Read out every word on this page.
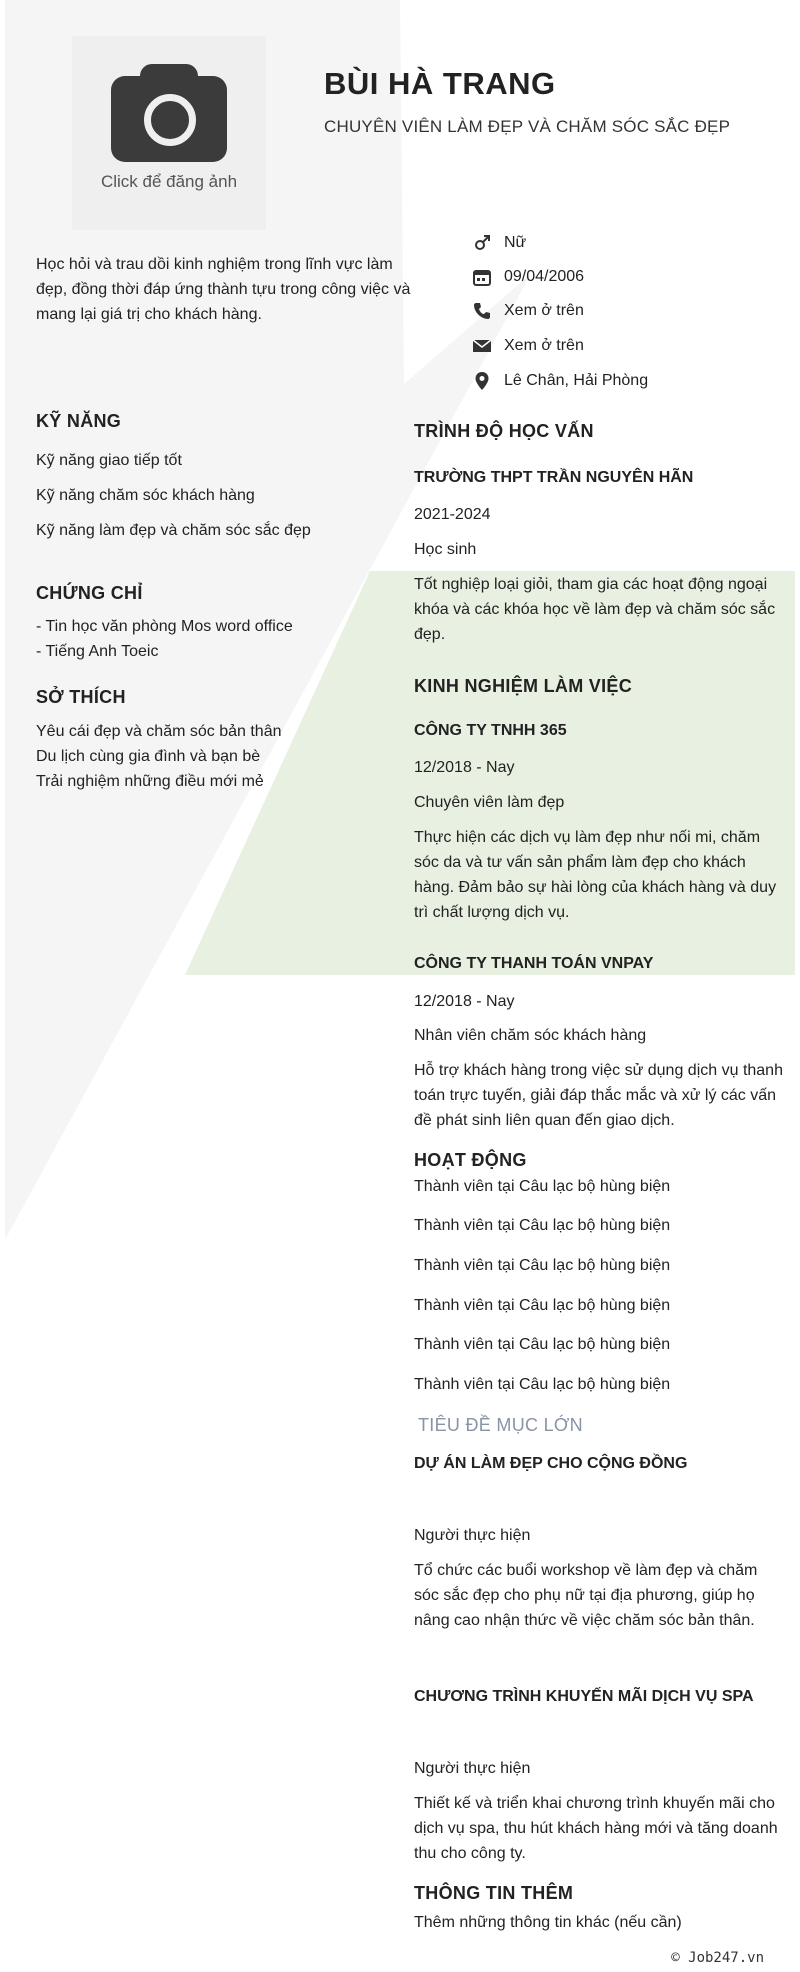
Click để đăng ảnh
BÙI HÀ TRANG
CHUYÊN VIÊN LÀM ĐẸP VÀ CHĂM SÓC SẮC ĐẸP
Học hỏi và trau dồi kinh nghiệm trong lĩnh vực làm đẹp, đồng thời đáp ứng thành tựu trong công việc và mang lại giá trị cho khách hàng.
Nữ
09/04/2006
Xem ở trên
Xem ở trên
Lê Chân, Hải Phòng
KỸ NĂNG
Kỹ năng giao tiếp tốt
Kỹ năng chăm sóc khách hàng
Kỹ năng làm đẹp và chăm sóc sắc đẹp
CHỨNG CHỈ
- Tin học văn phòng Mos word office
- Tiếng Anh Toeic
SỞ THÍCH
Yêu cái đẹp và chăm sóc bản thân
Du lịch cùng gia đình và bạn bè
Trải nghiệm những điều mới mẻ
TRÌNH ĐỘ HỌC VẤN
TRƯỜNG THPT TRẦN NGUYÊN HÃN
2021-2024
Học sinh
Tốt nghiệp loại giỏi, tham gia các hoạt động ngoại khóa và các khóa học về làm đẹp và chăm sóc sắc đẹp.
KINH NGHIỆM LÀM VIỆC
CÔNG TY TNHH 365
12/2018 - Nay
Chuyên viên làm đẹp
Thực hiện các dịch vụ làm đẹp như nối mi, chăm sóc da và tư vấn sản phẩm làm đẹp cho khách hàng. Đảm bảo sự hài lòng của khách hàng và duy trì chất lượng dịch vụ.
CÔNG TY THANH TOÁN VNPAY
12/2018 - Nay
Nhân viên chăm sóc khách hàng
Hỗ trợ khách hàng trong việc sử dụng dịch vụ thanh toán trực tuyến, giải đáp thắc mắc và xử lý các vấn đề phát sinh liên quan đến giao dịch.
HOẠT ĐỘNG
Thành viên tại Câu lạc bộ hùng biện
Thành viên tại Câu lạc bộ hùng biện
Thành viên tại Câu lạc bộ hùng biện
Thành viên tại Câu lạc bộ hùng biện
Thành viên tại Câu lạc bộ hùng biện
Thành viên tại Câu lạc bộ hùng biện
TIÊU ĐỀ MỤC LỚN
DỰ ÁN LÀM ĐẸP CHO CỘNG ĐỒNG
Người thực hiện
Tổ chức các buổi workshop về làm đẹp và chăm sóc sắc đẹp cho phụ nữ tại địa phương, giúp họ nâng cao nhận thức về việc chăm sóc bản thân.
CHƯƠNG TRÌNH KHUYẾN MÃI DỊCH VỤ SPA
Người thực hiện
Thiết kế và triển khai chương trình khuyến mãi cho dịch vụ spa, thu hút khách hàng mới và tăng doanh thu cho công ty.
THÔNG TIN THÊM
Thêm những thông tin khác (nếu cần)
© Job247.vn
